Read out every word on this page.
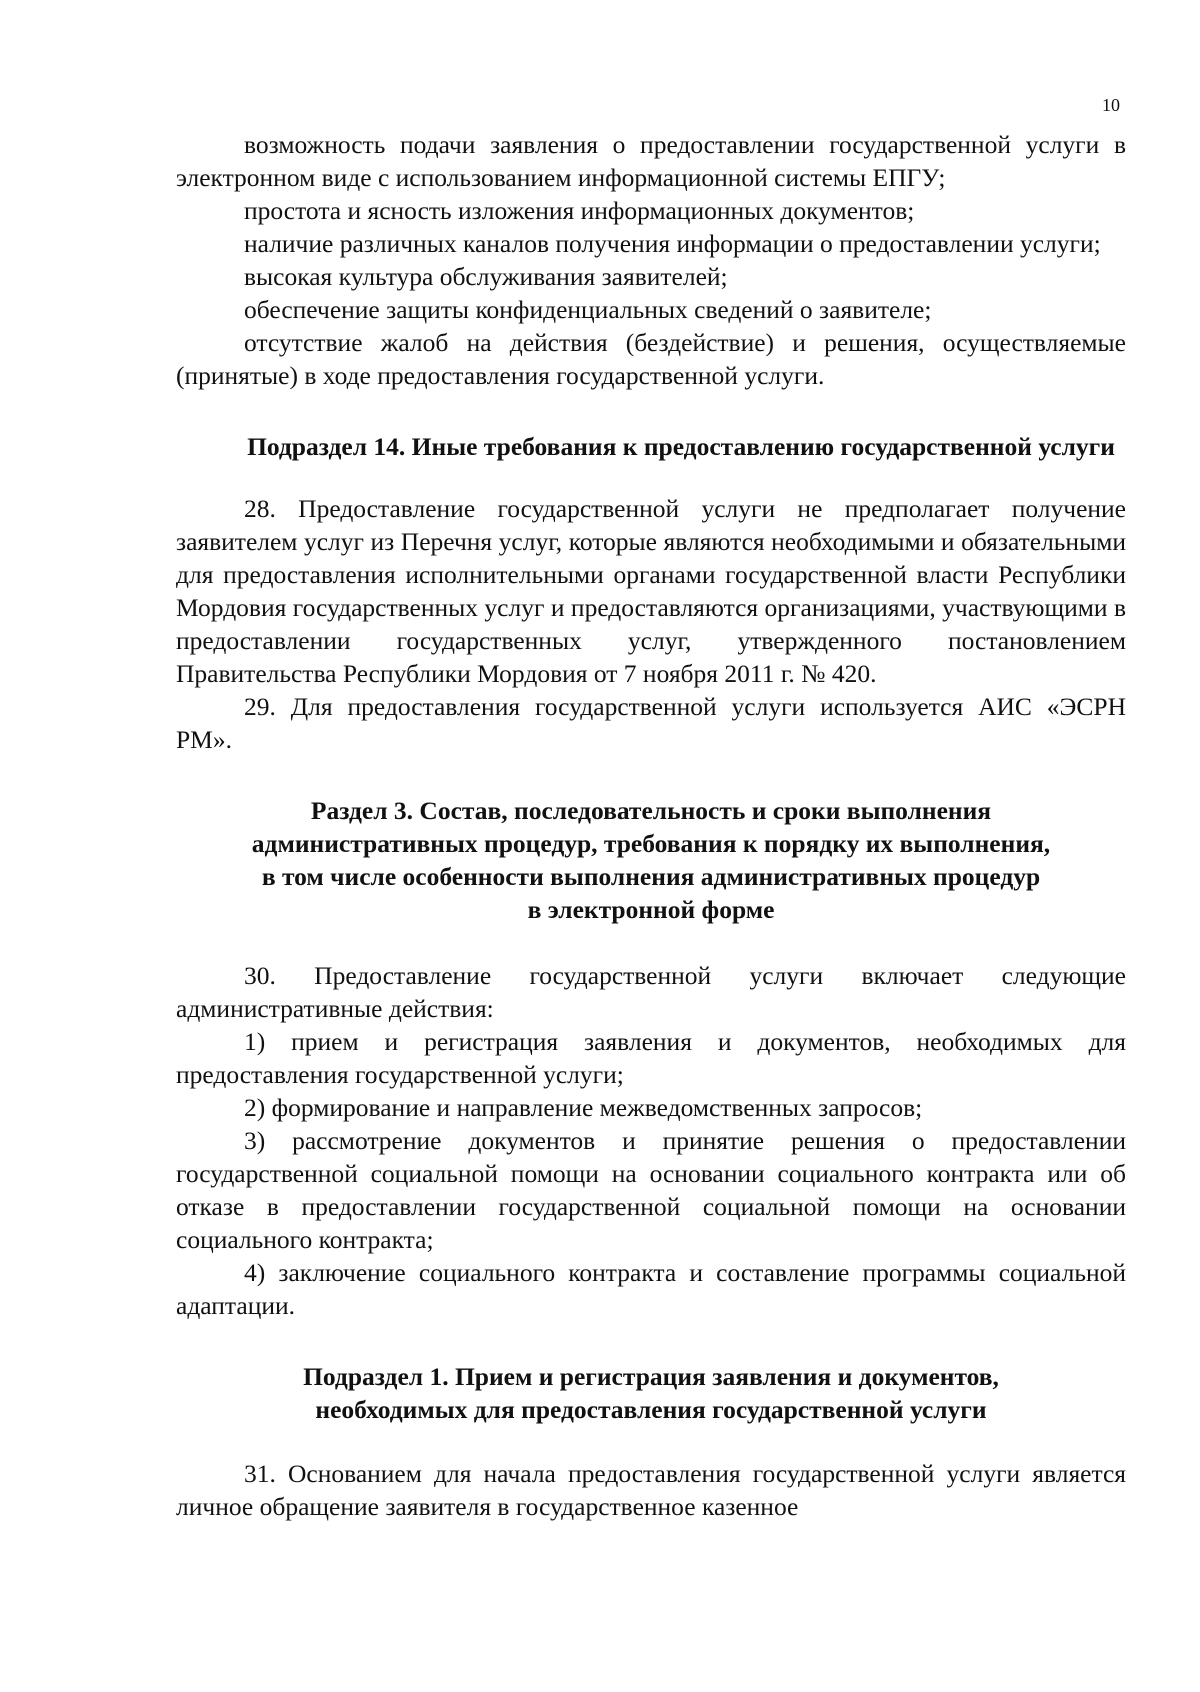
10

возможность подачи заявления о предоставлении государственной услуги в электронном виде с использованием информационной системы ЕПГУ;

простота и ясность изложения информационных документов;

наличие различных каналов получения информации о предоставлении услуги;

высокая культура обслуживания заявителей;

обеспечение защиты конфиденциальных сведений о заявителе;

отсутствие жалоб на действия (бездействие) и решения, осуществляемые (принятые) в ходе предоставления государственной услуги.

Подраздел 14. Иные требования к предоставлению государственной услуги

28. Предоставление государственной услуги не предполагает получение заявителем услуг из Перечня услуг, которые являются необходимыми и обязательными для предоставления исполнительными органами государственной власти Республики Мордовия государственных услуг и предоставляются организациями, участвующими в предоставлении государственных услуг, утвержденного постановлением Правительства Республики Мордовия от 7 ноября 2011 г. № 420.

29. Для предоставления государственной услуги используется АИС «ЭСРН РМ».

Раздел 3. Состав, последовательность и сроки выполнения
административных процедур, требования к порядку их выполнения,
в том числе особенности выполнения административных процедур
в электронной форме

30. Предоставление государственной услуги включает следующие административные действия:

1) прием и регистрация заявления и документов, необходимых для предоставления государственной услуги;

2) формирование и направление межведомственных запросов;

3) рассмотрение документов и принятие решения о предоставлении государственной социальной помощи на основании социального контракта или об отказе в предоставлении государственной социальной помощи на основании социального контракта;

4) заключение социального контракта и составление программы социальной адаптации.

Подраздел 1. Прием и регистрация заявления и документов,
необходимых для предоставления государственной услуги

31. Основанием для начала предоставления государственной услуги является личное обращение заявителя в государственное казенное
